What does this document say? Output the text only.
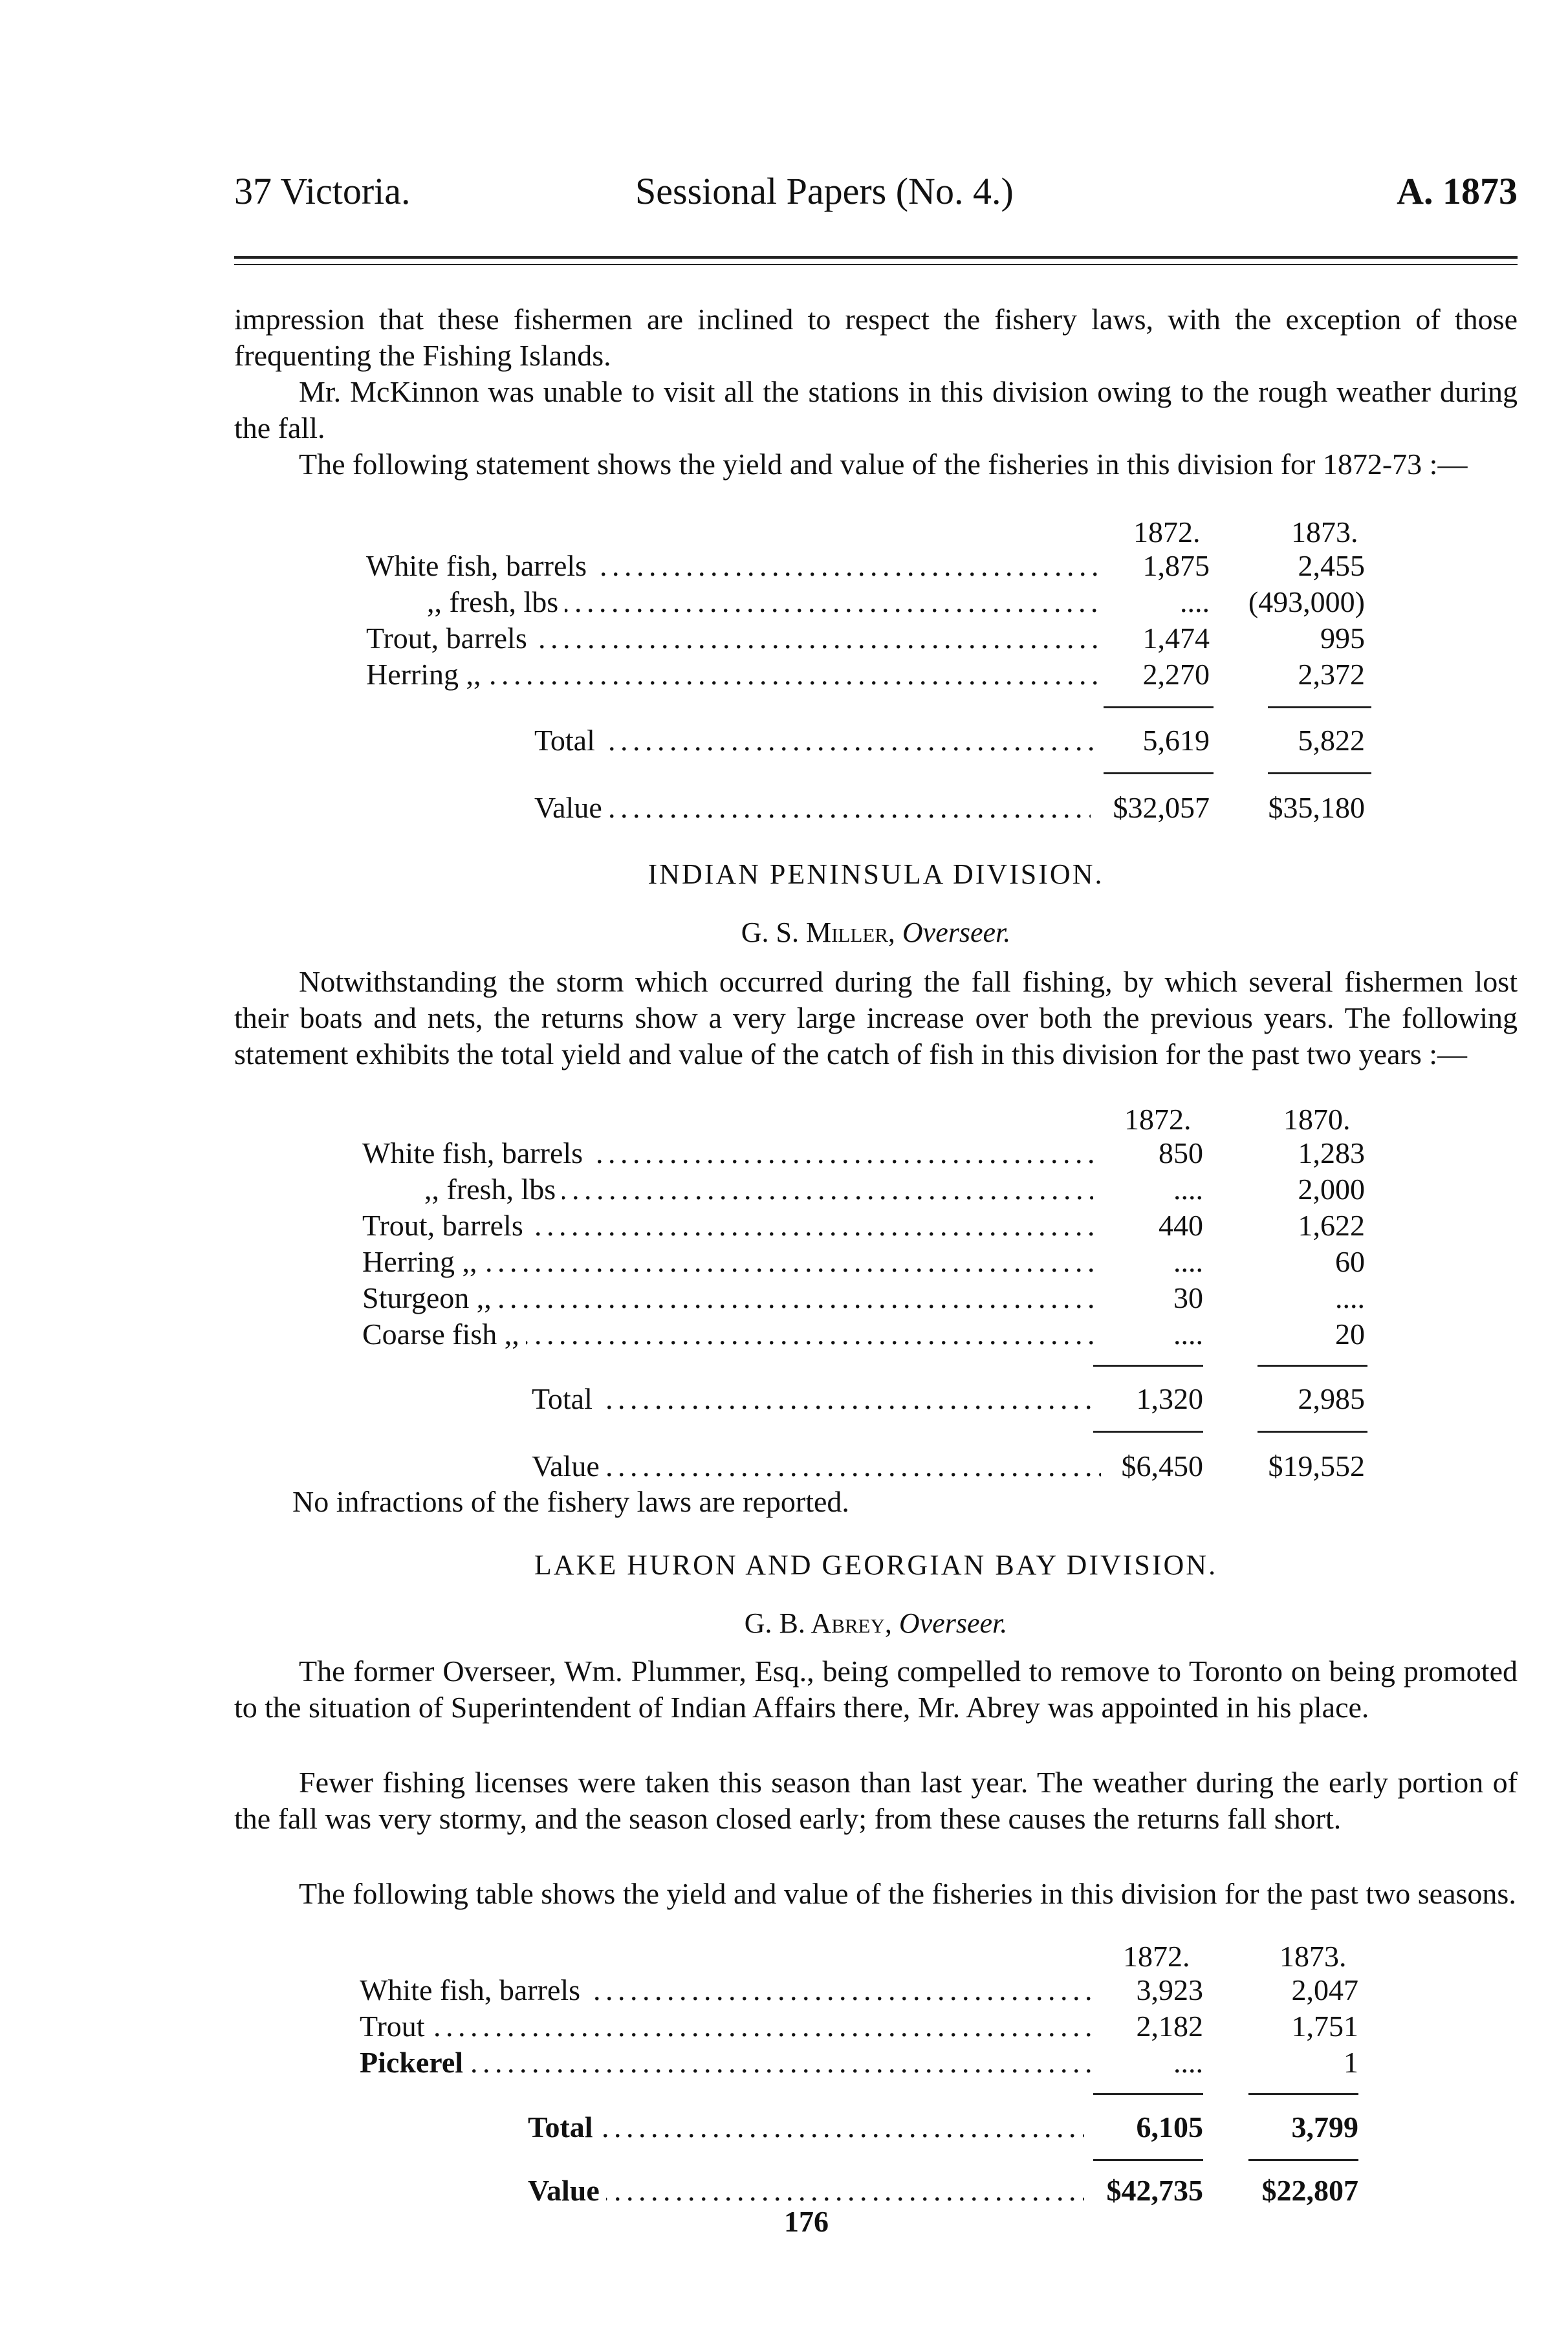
37 Victoria.	Sessional Papers (No. 4.)	A. 1873
impression that these fishermen are inclined to respect the fishery laws, with the exception of those frequenting the Fishing Islands.
Mr. McKinnon was unable to visit all the stations in this division owing to the rough weather during the fall.
The following statement shows the yield and value of the fisheries in this division for 1872-73 :—
1872.	1873.
White fish, barrels . . .	1,875	2,455
,, fresh, lbs . . .	....	(493,000)
Trout, barrels . . .	1,474	995
Herring ,, . . .	2,270	2,372
Total . . .	5,619	5,822
Value . . .	$32,057	$35,180
INDIAN PENINSULA DIVISION.
G. S. Miller, Overseer.
Notwithstanding the storm which occurred during the fall fishing, by which several fishermen lost their boats and nets, the returns show a very large increase over both the previous years. The following statement exhibits the total yield and value of the catch of fish in this division for the past two years :—
1872.	1870.
White fish, barrels . . .	850	1,283
,, fresh, lbs . . .	....	2,000
Trout, barrels . . .	440	1,622
Herring ,, . . .	....	60
Sturgeon ,, . . .	30	....
Coarse fish ,, . . .	....	20
Total . . .	1,320	2,985
Value . . .	$6,450	$19,552
No infractions of the fishery laws are reported.
LAKE HURON AND GEORGIAN BAY DIVISION.
G. B. Abrey, Overseer.
The former Overseer, Wm. Plummer, Esq., being compelled to remove to Toronto on being promoted to the situation of Superintendent of Indian Affairs there, Mr. Abrey was appointed in his place.
Fewer fishing licenses were taken this season than last year. The weather during the early portion of the fall was very stormy, and the season closed early; from these causes the returns fall short.
The following table shows the yield and value of the fisheries in this division for the past two seasons.
1872.	1873.
White fish, barrels . . .	3,923	2,047
Trout . . .	2,182	1,751
Pickerel . . .	....	1
Total . . .	6,105	3,799
Value . . .	$42,735	$22,807
176
